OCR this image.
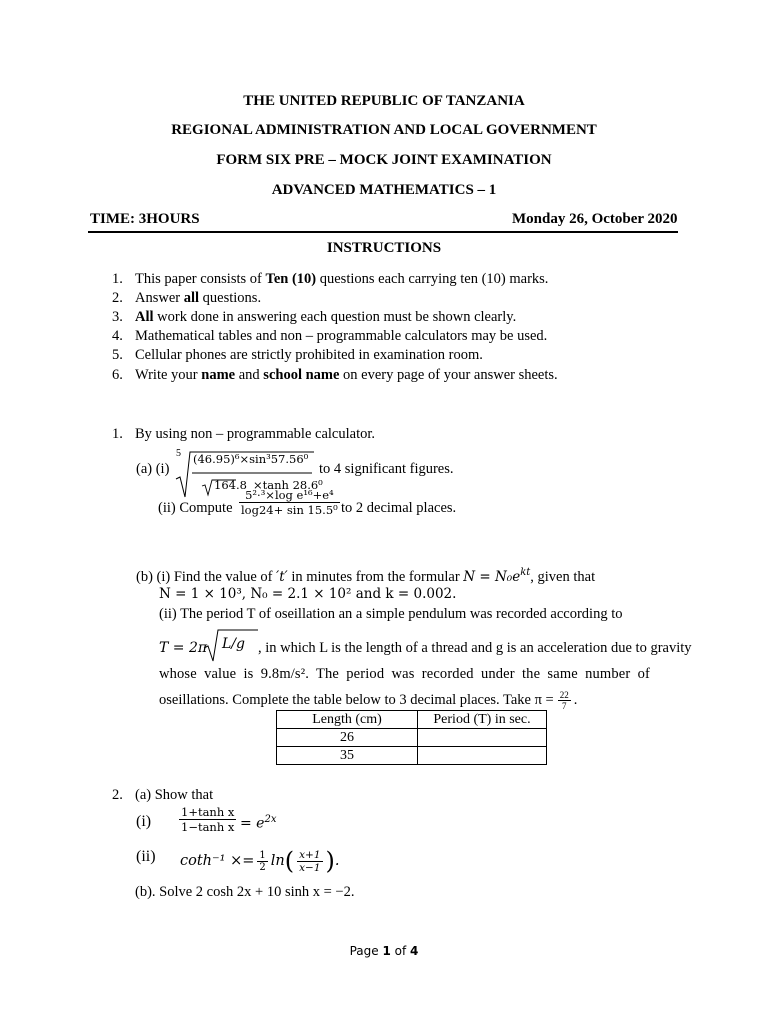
THE UNITED REPUBLIC OF TANZANIA
REGIONAL ADMINISTRATION AND LOCAL GOVERNMENT
FORM SIX PRE – MOCK JOINT EXAMINATION
ADVANCED MATHEMATICS – 1
TIME: 3HOURS	Monday 26, October 2020
INSTRUCTIONS
1. This paper consists of Ten (10) questions each carrying ten (10) marks.
2. Answer all questions.
3. All work done in answering each question must be shown clearly.
4. Mathematical tables and non – programmable calculators may be used.
5. Cellular phones are strictly prohibited in examination room.
6. Write your name and school name on every page of your answer sheets.
1. By using non – programmable calculator.
(a) (i)
5 (46.95)⁶×sin³57.56⁰
164.8 ×tanh 28.6⁰
to 4 significant figures.
(ii) Compute $\frac{\text{5²·³×log e¹⁶+e⁴}}{\text{log24+ sin 15.5⁰}}$ to 2 decimal places.
(b) (i) Find the value of ′t′ in minutes from the formular $N = N_0e^{kt}$, given that
N = 1 × 10³, N₀ = 2.1 × 10² and k = 0.002.
(ii) The period T of oseillation an a simple pendulum was recorded according to
T = 2π L/g , in which L is the length of a thread and g is an acceleration due to gravity
whose value is 9.8m/s². The period was recorded under the same number of
oseillations. Complete the table below to 3 decimal places. Take $\pi = \frac{22}{7}$ .
Length (cm)	Period (T) in sec.
26	
35	
2. (a) Show that
$(i) \frac{\text{1+tanh x}}{\text{1−tanh x}} = e^{2x}$
(ii) $\cot h^{-1} \times= \frac{1}{2} \ln( \frac{x+1}{x-1}$ ).
(b). Solve 2 cosh 2x + 10 sinh x = −2.
Page 1 of 4
